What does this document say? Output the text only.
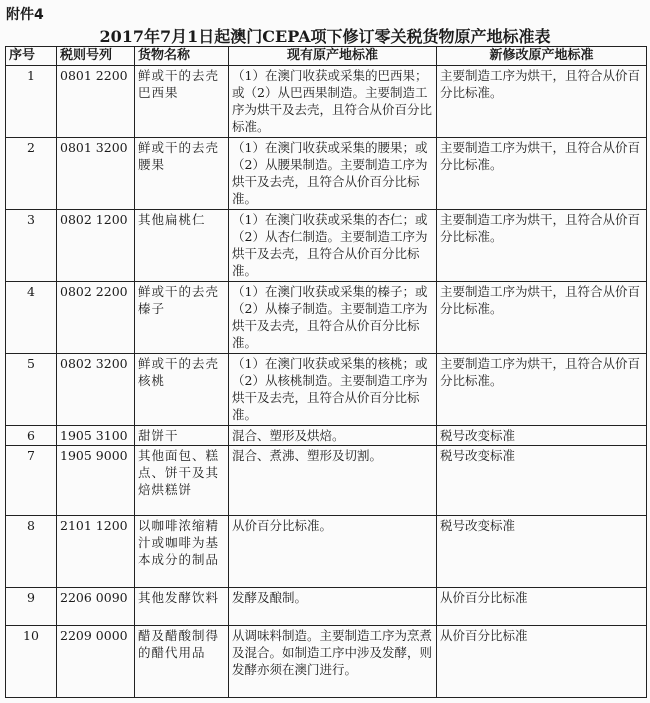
附件4
2017年7月1日起澳门CEPA项下修订零关税货物原产地标准表
序号	税则号列	货物名称	现有原产地标准	新修改原产地标准
1	0801 2200	鲜或干的去壳巴西果	（1）在澳门收获或采集的巴西果；或（2）从巴西果制造。主要制造工序为烘干及去壳，且符合从价百分比标准。	主要制造工序为烘干，且符合从价百分比标准。
2	0801 3200	鲜或干的去壳腰果	（1）在澳门收获或采集的腰果；或（2）从腰果制造。主要制造工序为烘干及去壳，且符合从价百分比标准。	主要制造工序为烘干，且符合从价百分比标准。
3	0802 1200	其他扁桃仁	（1）在澳门收获或采集的杏仁；或（2）从杏仁制造。主要制造工序为烘干及去壳，且符合从价百分比标准。	主要制造工序为烘干，且符合从价百分比标准。
4	0802 2200	鲜或干的去壳榛子	（1）在澳门收获或采集的榛子；或（2）从榛子制造。主要制造工序为烘干及去壳，且符合从价百分比标准。	主要制造工序为烘干，且符合从价百分比标准。
5	0802 3200	鲜或干的去壳核桃	（1）在澳门收获或采集的核桃；或（2）从核桃制造。主要制造工序为烘干及去壳，且符合从价百分比标准。	主要制造工序为烘干，且符合从价百分比标准。
6	1905 3100	甜饼干	混合、塑形及烘焙。	税号改变标准
7	1905 9000	其他面包、糕点、饼干及其焙烘糕饼	混合、煮沸、塑形及切割。	税号改变标准
8	2101 1200	以咖啡浓缩精汁或咖啡为基本成分的制品	从价百分比标准。	税号改变标准
9	2206 0090	其他发酵饮料	发酵及酿制。	从价百分比标准
10	2209 0000	醋及醋酸制得的醋代用品	从调味料制造。主要制造工序为烹煮及混合。如制造工序中涉及发酵，则发酵亦须在澳门进行。	从价百分比标准
